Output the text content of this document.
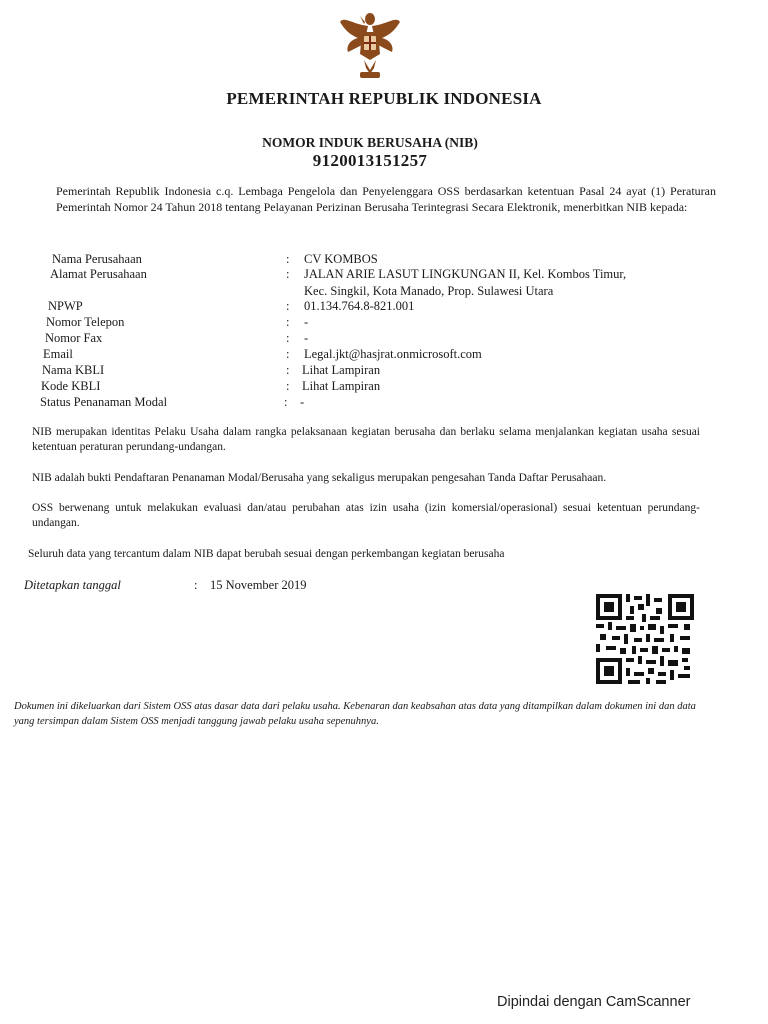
PEMERINTAH REPUBLIK INDONESIA
NOMOR INDUK BERUSAHA (NIB)
9120013151257
Pemerintah Republik Indonesia c.q. Lembaga Pengelola dan Penyelenggara OSS berdasarkan ketentuan Pasal 24 ayat (1) Peraturan Pemerintah Nomor 24 Tahun 2018 tentang Pelayanan Perizinan Berusaha Terintegrasi Secara Elektronik, menerbitkan NIB kepada:
Nama Perusahaan	: CV KOMBOS
Alamat Perusahaan	: JALAN ARIE LASUT LINGKUNGAN II, Kel. Kombos Timur,
Kec. Singkil, Kota Manado, Prop. Sulawesi Utara
NPWP	: 01.134.764.8-821.001
Nomor Telepon	: -
Nomor Fax	: -
Email	: Legal.jkt@hasjrat.onmicrosoft.com
Nama KBLI	: Lihat Lampiran
Kode KBLI	: Lihat Lampiran
Status Penanaman Modal	: -
NIB merupakan identitas Pelaku Usaha dalam rangka pelaksanaan kegiatan berusaha dan berlaku selama menjalankan kegiatan usaha sesuai ketentuan peraturan perundang-undangan.
NIB adalah bukti Pendaftaran Penanaman Modal/Berusaha yang sekaligus merupakan pengesahan Tanda Daftar Perusahaan.
OSS berwenang untuk melakukan evaluasi dan/atau perubahan atas izin usaha (izin komersial/operasional) sesuai ketentuan perundang-undangan.
Seluruh data yang tercantum dalam NIB dapat berubah sesuai dengan perkembangan kegiatan berusaha
Ditetapkan tanggal	: 15 November 2019
Dokumen ini dikeluarkan dari Sistem OSS atas dasar data dari pelaku usaha. Kebenaran dan keabsahan atas data yang ditampilkan dalam dokumen ini dan data yang tersimpan dalam Sistem OSS menjadi tanggung jawab pelaku usaha sepenuhnya.
Dipindai dengan CamScanner
